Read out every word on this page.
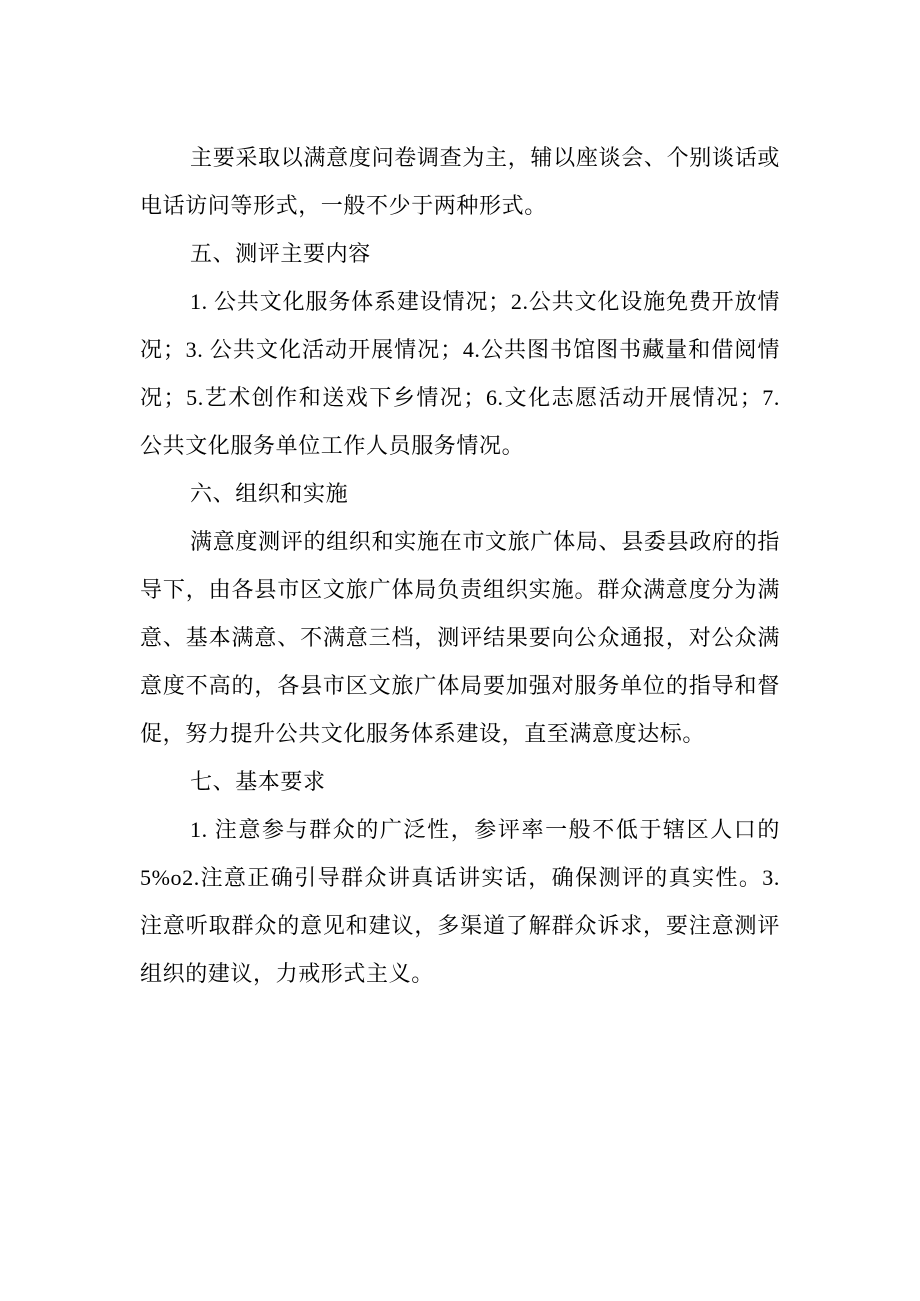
主要采取以满意度问卷调查为主，辅以座谈会、个别谈话或
电话访问等形式，一般不少于两种形式。
五、测评主要内容
1. 公共文化服务体系建设情况；2.公共文化设施免费开放情
况；3. 公共文化活动开展情况；4.公共图书馆图书藏量和借阅情
况；5.艺术创作和送戏下乡情况；6.文化志愿活动开展情况；7.
公共文化服务单位工作人员服务情况。
六、组织和实施
满意度测评的组织和实施在市文旅广体局、县委县政府的指
导下，由各县市区文旅广体局负责组织实施。群众满意度分为满
意、基本满意、不满意三档，测评结果要向公众通报，对公众满
意度不高的，各县市区文旅广体局要加强对服务单位的指导和督
促，努力提升公共文化服务体系建设，直至满意度达标。
七、基本要求
1. 注意参与群众的广泛性，参评率一般不低于辖区人口的
5%o2.注意正确引导群众讲真话讲实话，确保测评的真实性。3.
注意听取群众的意见和建议，多渠道了解群众诉求，要注意测评
组织的建议，力戒形式主义。
